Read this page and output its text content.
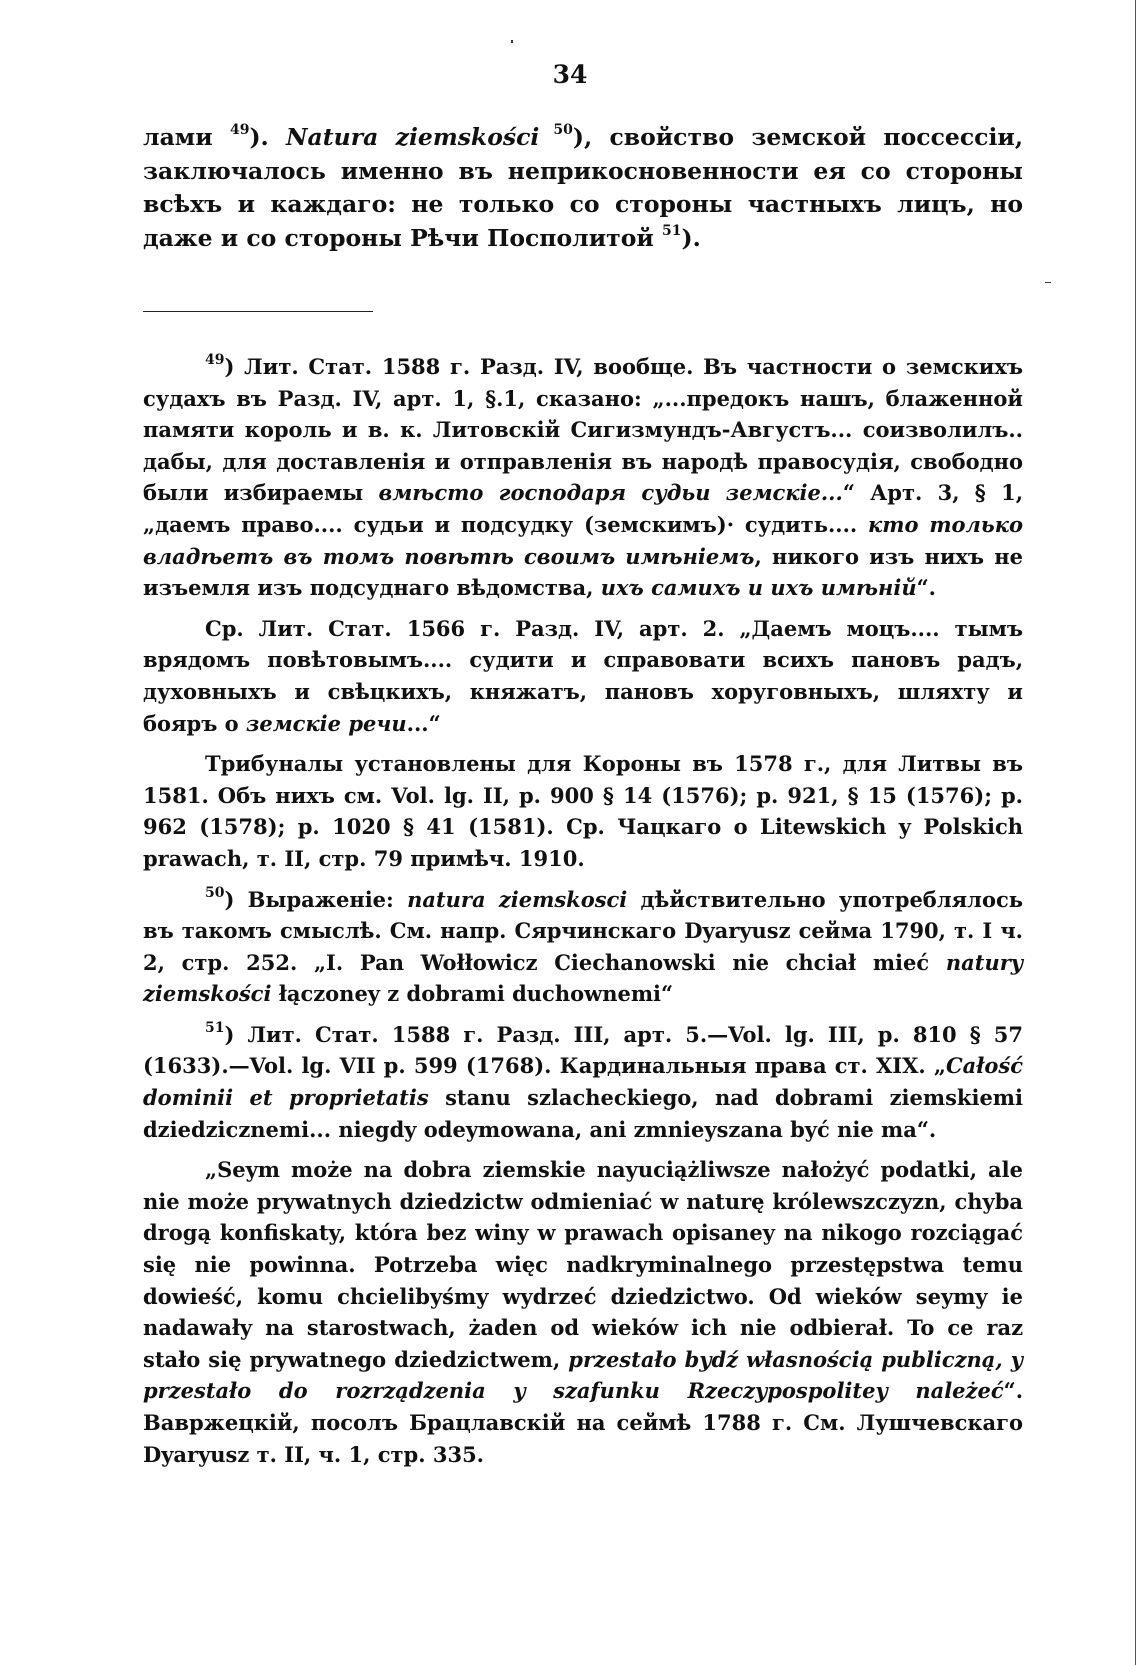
34

лами $^{49}$). Natura ziemskości $^{50}$), свойство земской поссессіи, заключалось именно въ неприкосновенности ея со стороны всѣхъ и каждаго: не только со стороны частныхъ лицъ, но даже и со стороны Рѣчи Посполитой $^{51}$).

$^{49}$) Лит. Стат. 1588 г. Разд. IV, вообще. Въ частности о земскихъ судахъ въ Разд. IV, арт. 1, §.1, сказано: „...предокъ нашъ, блаженной памяти король и в. к. Литовскій Сигизмундъ-Августъ... соизволилъ.. дабы, для доставленія и отправленія въ народѣ правосудія, свободно были избираемы вмѣсто господаря судьи земскіе...“ Арт. 3, § 1, „даемъ право.... судьи и подсудку (земскимъ)· судить.... кто только владѣетъ въ томъ повѣтѣ своимъ имѣніемъ, никого изъ нихъ не изъемля изъ подсуднаго вѣдомства, ихъ самихъ и ихъ имѣній“.

Ср. Лит. Стат. 1566 г. Разд. IV, арт. 2. „Даемъ моцъ.... тымъ врядомъ повѣтовымъ.... судити и справовати всихъ пановъ радъ, духовныхъ и свѣцкихъ, княжатъ, пановъ хоруговныхъ, шляхту и бояръ о земскіе речи...“

Трибуналы установлены для Короны въ 1578 г., для Литвы въ 1581. Объ нихъ см. Vol. lg. II, p. 900 § 14 (1576); p. 921, § 15 (1576); p. 962 (1578); p. 1020 § 41 (1581). Ср. Чацкаго o Litewskich y Polskich prawach, т. II, стр. 79 примѣч. 1910.

$^{50}$) Выраженіе: natura ziemskosci дѣйствительно употреблялось въ такомъ смыслѣ. См. напр. Сярчинскаго Dyaryusz сейма 1790, т. I ч. 2, стр. 252. „I. Pan Wołłowicz Ciechanowski nie chciał mieć natury ziemskości łączoney z dobrami duchownemi“

$^{51}$) Лит. Стат. 1588 г. Разд. III, арт. 5.—Vol. lg. III, p. 810 § 57 (1633).—Vol. lg. VII p. 599 (1768). Кардинальныя права ст. XIX. „Całość dominii et proprietatis stanu szlacheckiego, nad dobrami ziemskiemi dziedzicznemi... niegdy odeymowana, ani zmnieyszana być nie ma“.

„Seym może na dobra ziemskie nayuciążliwsze nałożyć podatki, ale nie może prywatnych dziedzictw odmieniać w naturę królewszczyzn, chyba drogą konfiskaty, która bez winy w prawach opisaney na nikogo rozciągać się nie powinna. Potrzeba więc nadkryminalnego przestępstwa temu dowieść, komu chcielibyśmy wydrzeć dziedzictwo. Od wieków seymy ie nadawały na starostwach, żaden od wieków ich nie odbierał. To ce raz stało się prywatnego dziedzictwem, przestało bydź własnością publiczną, y przestało do rozrządzenia y szafunku Rzeczypospolitey należeć“. Вавржецкій, посолъ Брацлавскій на сеймѣ 1788 г. См. Лушчевскаго Dyaryusz т. II, ч. 1, стр. 335.
